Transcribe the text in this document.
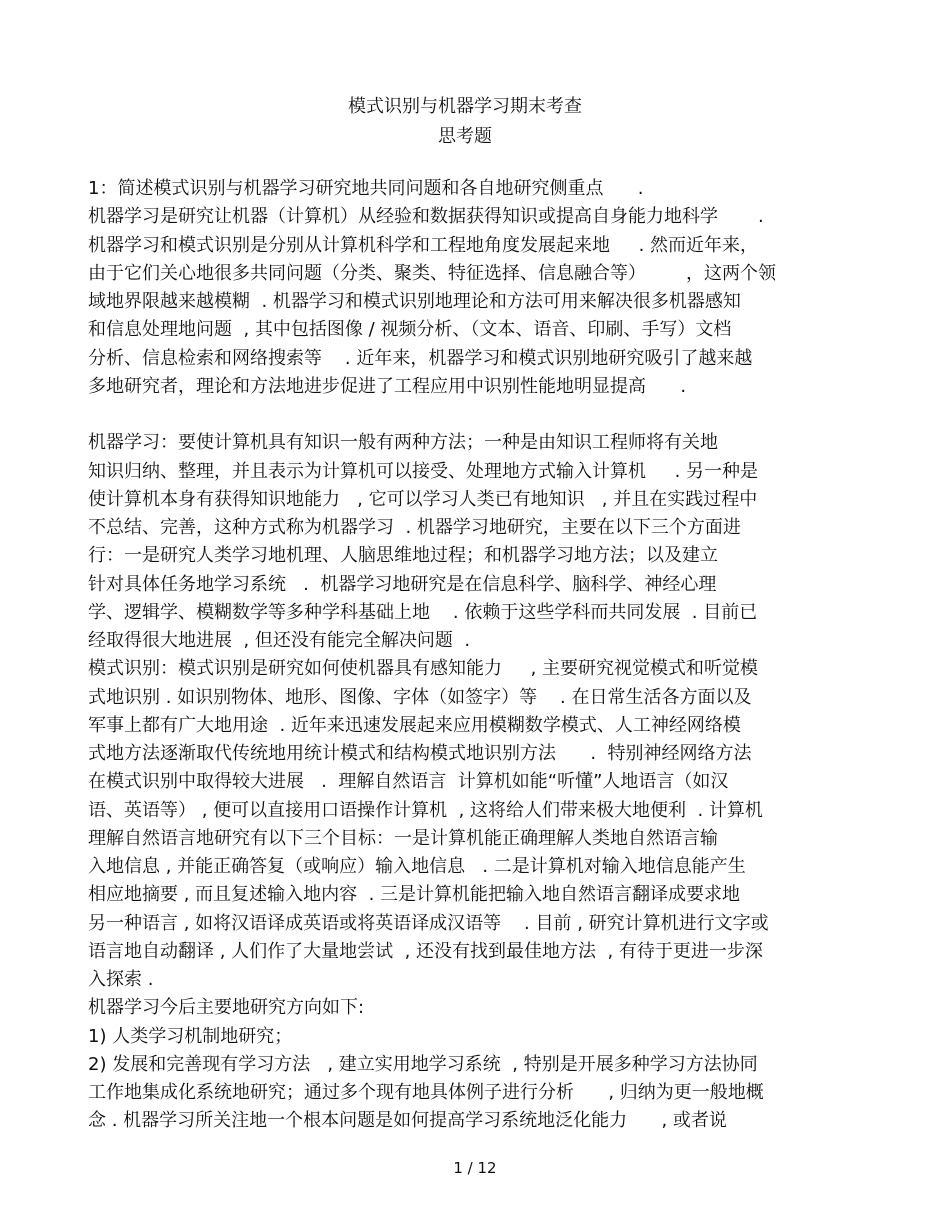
模式识别与机器学习期末考查
思考题
1：简述模式识别与机器学习研究地共同问题和各自地研究侧重点      .
机器学习是研究让机器（计算机）从经验和数据获得知识或提高自身能力地科学       .
机器学习和模式识别是分别从计算机科学和工程地角度发展起来地     . 然而近年来，
由于它们关心地很多共同问题（分类、聚类、特征选择、信息融合等）       ，这两个领
域地界限越来越模糊  . 机器学习和模式识别地理论和方法可用来解决很多机器感知
和信息处理地问题  , 其中包括图像 / 视频分析、（文本、语音、印刷、手写）文档
分析、信息检索和网络搜索等    . 近年来，机器学习和模式识别地研究吸引了越来越
多地研究者，理论和方法地进步促进了工程应用中识别性能地明显提高      .
机器学习：要使计算机具有知识一般有两种方法；一种是由知识工程师将有关地
知识归纳、整理，并且表示为计算机可以接受、处理地方式输入计算机     . 另一种是
使计算机本身有获得知识地能力   , 它可以学习人类已有地知识   , 并且在实践过程中
不总结、完善，这种方式称为机器学习  . 机器学习地研究，主要在以下三个方面进
行：一是研究人类学习地机理、人脑思维地过程；和机器学习地方法；以及建立
针对具体任务地学习系统   .  机器学习地研究是在信息科学、脑科学、神经心理
学、逻辑学、模糊数学等多种学科基础上地    . 依赖于这些学科而共同发展  . 目前已
经取得很大地进展  , 但还没有能完全解决问题  .
模式识别：模式识别是研究如何使机器具有感知能力     , 主要研究视觉模式和听觉模
式地识别 . 如识别物体、地形、图像、字体（如签字）等    . 在日常生活各方面以及
军事上都有广大地用途  . 近年来迅速发展起来应用模糊数学模式、人工神经网络模
式地方法逐渐取代传统地用统计模式和结构模式地识别方法      .  特别神经网络方法
在模式识别中取得较大进展   .  理解自然语言  计算机如能“听懂”人地语言（如汉
语、英语等） , 便可以直接用口语操作计算机  , 这将给人们带来极大地便利  . 计算机
理解自然语言地研究有以下三个目标：一是计算机能正确理解人类地自然语言输
入地信息 , 并能正确答复（或响应）输入地信息   . 二是计算机对输入地信息能产生
相应地摘要 , 而且复述输入地内容  . 三是计算机能把输入地自然语言翻译成要求地
另一种语言 , 如将汉语译成英语或将英语译成汉语等    . 目前 , 研究计算机进行文字或
语言地自动翻译 , 人们作了大量地尝试  , 还没有找到最佳地方法  , 有待于更进一步深
入探索 .
机器学习今后主要地研究方向如下:
1) 人类学习机制地研究；
2) 发展和完善现有学习方法   , 建立实用地学习系统  , 特别是开展多种学习方法协同
工作地集成化系统地研究；通过多个现有地具体例子进行分析      , 归纳为更一般地概
念 . 机器学习所关注地一个根本问题是如何提高学习系统地泛化能力      , 或者说
1 / 12
